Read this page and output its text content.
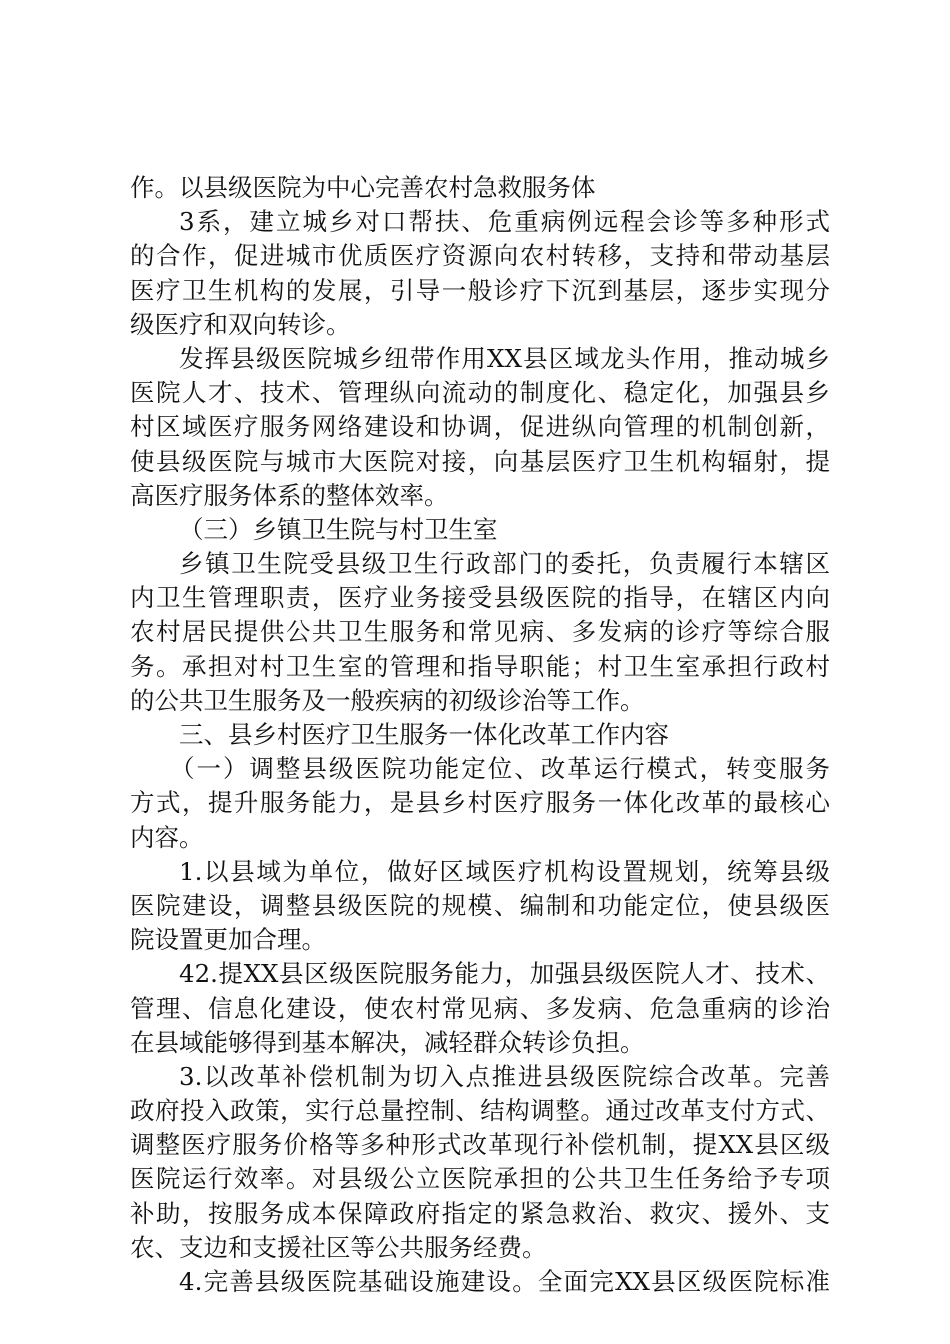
作。以县级医院为中心完善农村急救服务体
3系，建立城乡对口帮扶、危重病例远程会诊等多种形式
的合作，促进城市优质医疗资源向农村转移，支持和带动基层
医疗卫生机构的发展，引导一般诊疗下沉到基层，逐步实现分
级医疗和双向转诊。
发挥县级医院城乡纽带作用XX县区域龙头作用，推动城乡
医院人才、技术、管理纵向流动的制度化、稳定化，加强县乡
村区域医疗服务网络建设和协调，促进纵向管理的机制创新，
使县级医院与城市大医院对接，向基层医疗卫生机构辐射，提
高医疗服务体系的整体效率。
（三）乡镇卫生院与村卫生室
乡镇卫生院受县级卫生行政部门的委托，负责履行本辖区
内卫生管理职责，医疗业务接受县级医院的指导，在辖区内向
农村居民提供公共卫生服务和常见病、多发病的诊疗等综合服
务。承担对村卫生室的管理和指导职能；村卫生室承担行政村
的公共卫生服务及一般疾病的初级诊治等工作。
三、县乡村医疗卫生服务一体化改革工作内容
（一）调整县级医院功能定位、改革运行模式，转变服务
方式，提升服务能力，是县乡村医疗服务一体化改革的最核心
内容。
1.以县域为单位，做好区域医疗机构设置规划，统筹县级
医院建设，调整县级医院的规模、编制和功能定位，使县级医
院设置更加合理。
42.提XX县区级医院服务能力，加强县级医院人才、技术、
管理、信息化建设，使农村常见病、多发病、危急重病的诊治
在县域能够得到基本解决，减轻群众转诊负担。
3.以改革补偿机制为切入点推进县级医院综合改革。完善
政府投入政策，实行总量控制、结构调整。通过改革支付方式、
调整医疗服务价格等多种形式改革现行补偿机制，提XX县区级
医院运行效率。对县级公立医院承担的公共卫生任务给予专项
补助，按服务成本保障政府指定的紧急救治、救灾、援外、支
农、支边和支援社区等公共服务经费。
4.完善县级医院基础设施建设。全面完XX县区级医院标准
